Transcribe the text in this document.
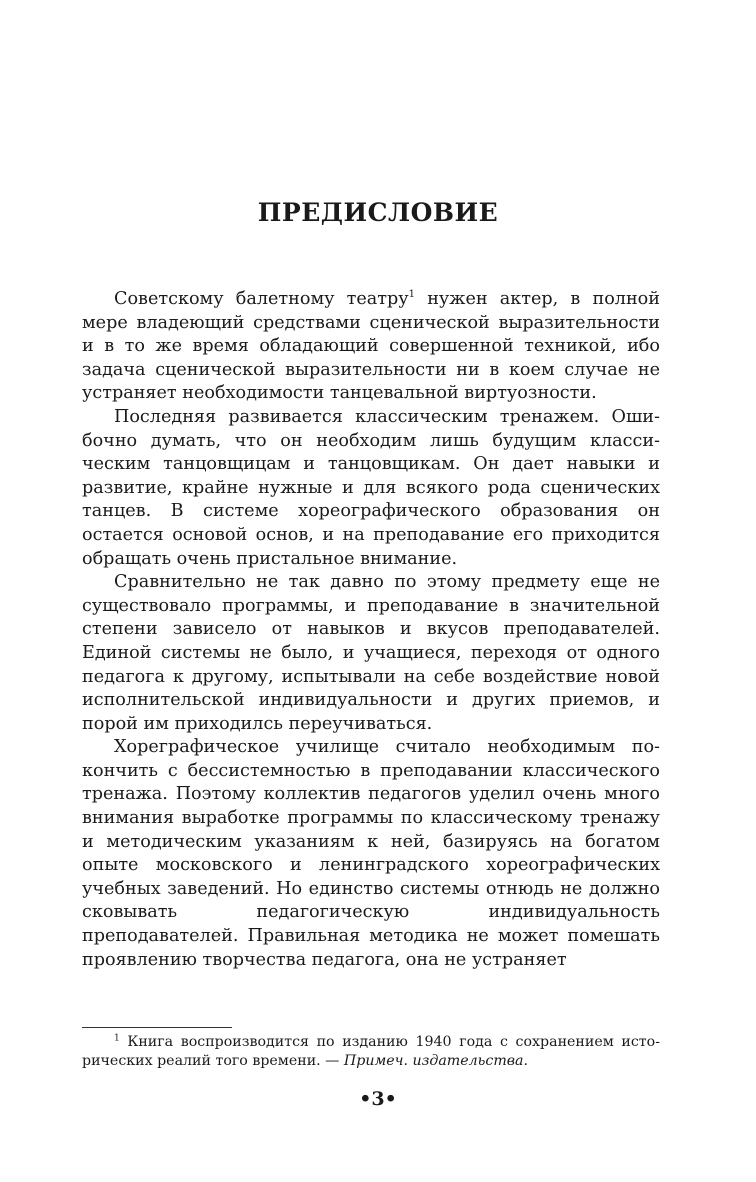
ПРЕДИСЛОВИЕ

Советскому балетному театру$^1$ нужен актер, в полной мере владеющий средствами сценической выразительности и в то же время обладающий совершенной техникой, ибо задача сценической выразительности ни в коем случае не устраняет необходимости танцевальной виртуозности.

Последняя развивается классическим тренажем. Ошибочно думать, что он необходим лишь будущим классическим танцовщицам и танцовщикам. Он дает навыки и развитие, крайне нужные и для всякого рода сценических танцев. В системе хореографического образования он остается основой основ, и на преподавание его приходится обращать очень пристальное внимание.

Сравнительно не так давно по этому предмету еще не существовало программы, и преподавание в значительной степени зависело от навыков и вкусов преподавателей. Единой системы не было, и учащиеся, переходя от одного педагога к другому, испытывали на себе воздействие новой исполнительской индивидуальности и других приемов, и порой им приходилсь переучиваться.

Хореграфическое училище считало необходимым покончить с бессистемностью в преподавании классического тренажа. Поэтому коллектив педагогов уделил очень много внимания выработке программы по классическому тренажу и методическим указаниям к ней, базируясь на богатом опыте московского и ленинградского хореографических учебных заведений. Но единство системы отнюдь не должно сковывать педагогическую индивидуальность преподавателей. Правильная методика не может помешать проявлению творчества педагога, она не устраняет

$^1$ Книга воспроизводится по изданию 1940 года с сохранением исторических реалий того времени. — Примеч. издательства.

•3•
